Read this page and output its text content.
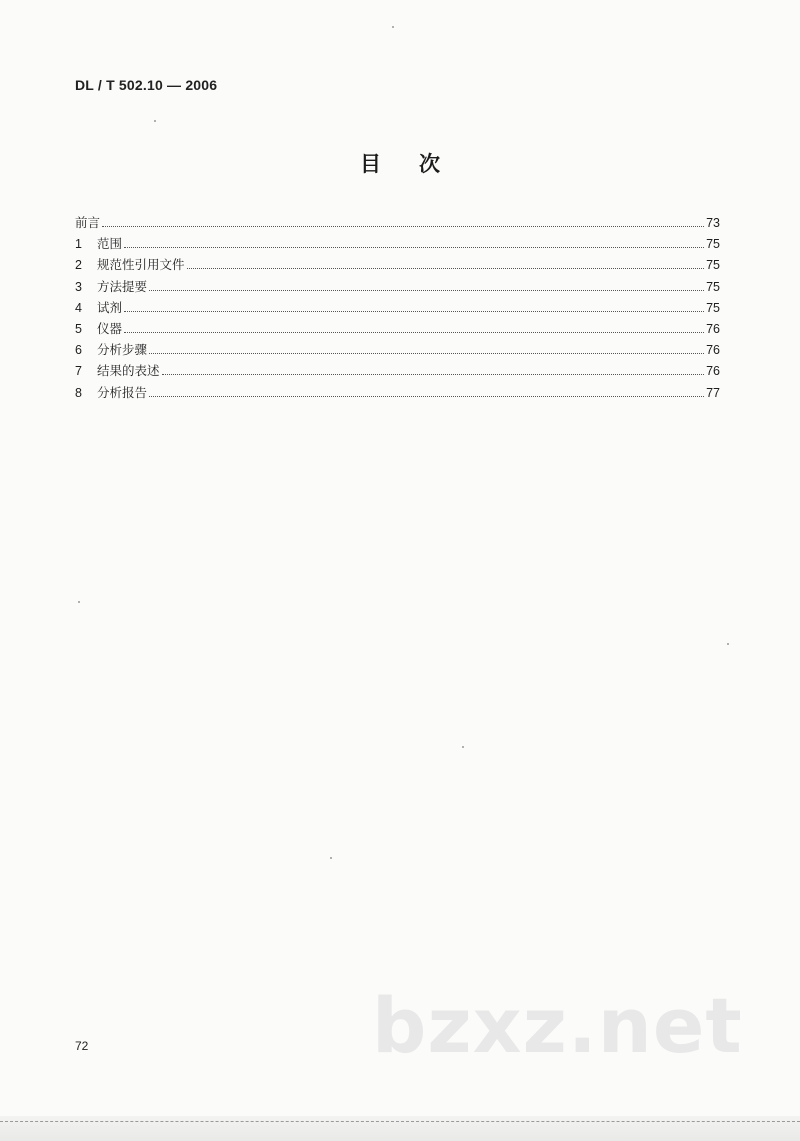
DL / T 502.10 — 2006
目 次
前言	73
1	范围	75
2	规范性引用文件	75
3	方法提要	75
4	试剂	75
5	仪器	76
6	分析步骤	76
7	结果的表述	76
8	分析报告	77
72	bzxz.net
